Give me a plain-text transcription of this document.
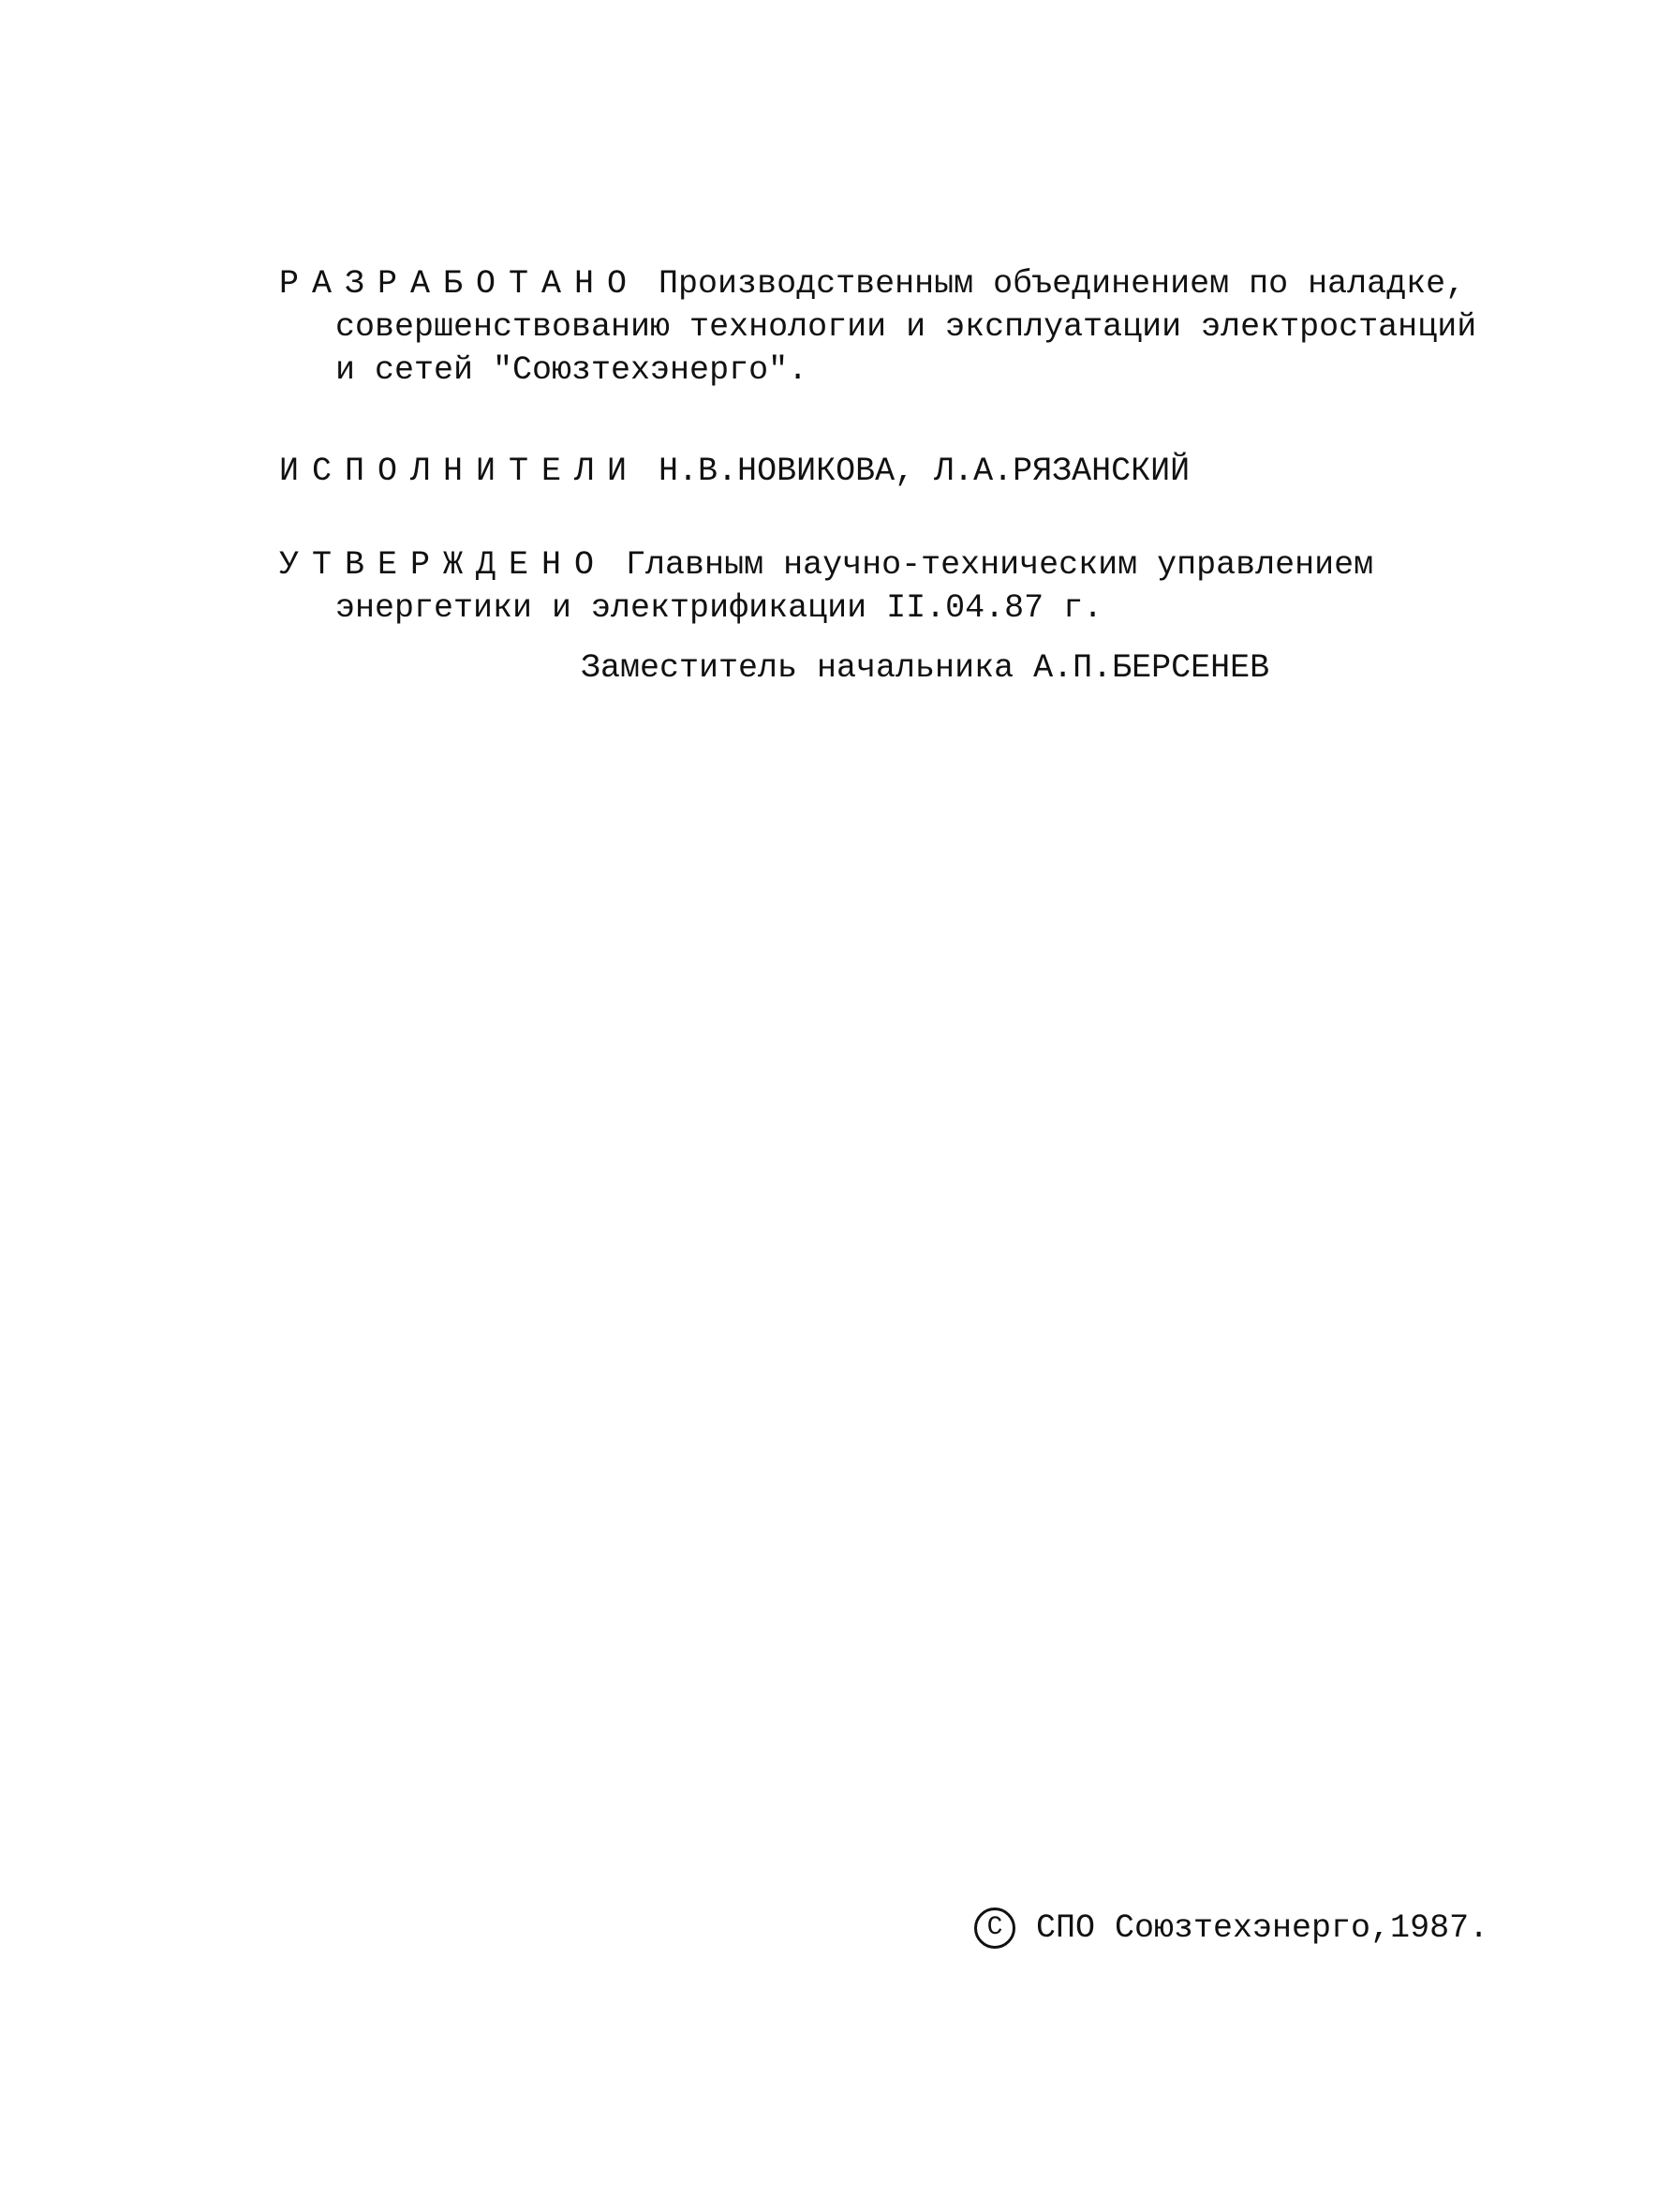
РАЗРАБОТАНО Производственным объединением по наладке,
совершенствованию технологии и эксплуатации электростанций
и сетей "Союзтехэнерго".
ИСПОЛНИТЕЛИ Н.В.НОВИКОВА, Л.А.РЯЗАНСКИЙ
УТВЕРЖДЕНО Главным научно-техническим управлением
энергетики и электрификации II.04.87 г.
Заместитель начальника А.П.БЕРСЕНЕВ
C	СПО Союзтехэнерго,1987.
